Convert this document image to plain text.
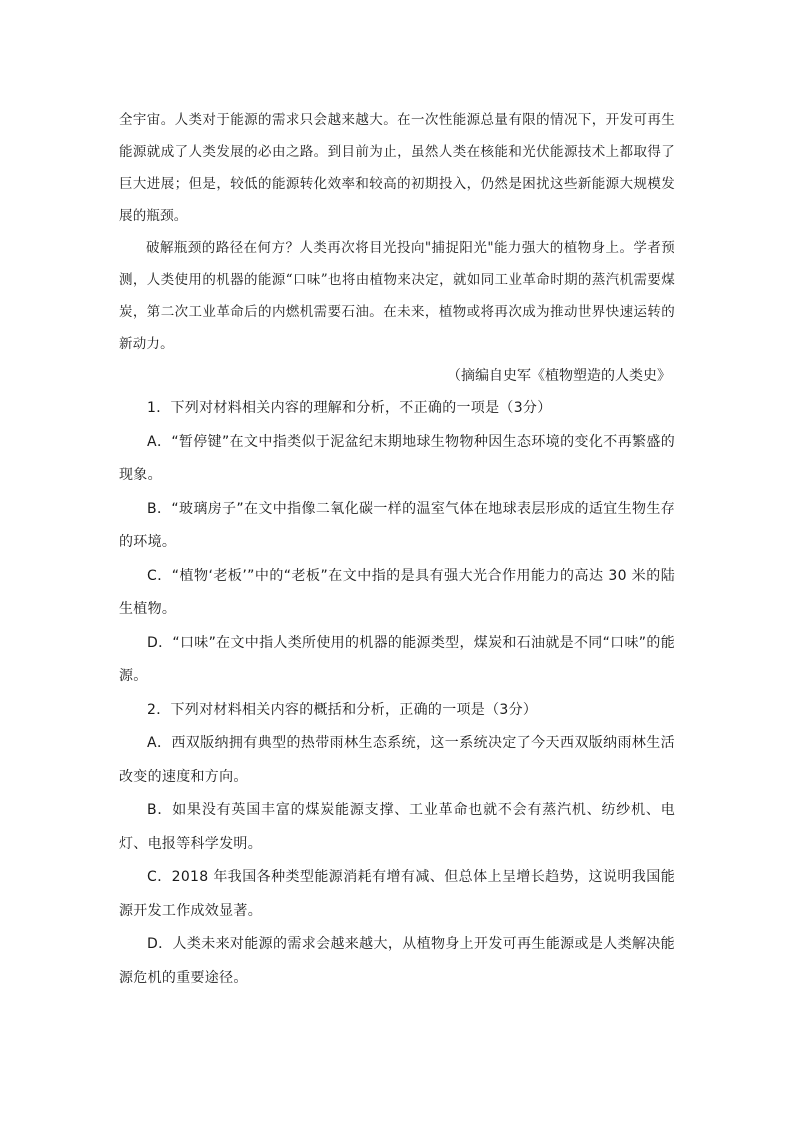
全宇宙。人类对于能源的需求只会越来越大。在一次性能源总量有限的情况下，开发可再生能源就成了人类发展的必由之路。到目前为止，虽然人类在核能和光伏能源技术上都取得了巨大进展；但是，较低的能源转化效率和较高的初期投入，仍然是困扰这些新能源大规模发展的瓶颈。

破解瓶颈的路径在何方？人类再次将目光投向"捕捉阳光"能力强大的植物身上。学者预测，人类使用的机器的能源“口味”也将由植物来决定，就如同工业革命时期的蒸汽机需要煤炭，第二次工业革命后的内燃机需要石油。在未来，植物或将再次成为推动世界快速运转的新动力。

（摘编自史军《植物塑造的人类史》

1．下列对材料相关内容的理解和分析，不正确的一项是（3分）

A．“暂停键”在文中指类似于泥盆纪末期地球生物物种因生态环境的变化不再繁盛的现象。

B．“玻璃房子”在文中指像二氧化碳一样的温室气体在地球表层形成的适宜生物生存的环境。

C．“植物‘老板’”中的“老板”在文中指的是具有强大光合作用能力的高达 30 米的陆生植物。

D．“口味”在文中指人类所使用的机器的能源类型，煤炭和石油就是不同“口味”的能源。

2．下列对材料相关内容的概括和分析，正确的一项是（3分）

A．西双版纳拥有典型的热带雨林生态系统，这一系统决定了今天西双版纳雨林生活改变的速度和方向。

B．如果没有英国丰富的煤炭能源支撑、工业革命也就不会有蒸汽机、纺纱机、电灯、电报等科学发明。

C．2018 年我国各种类型能源消耗有增有减、但总体上呈增长趋势，这说明我国能源开发工作成效显著。

D．人类未来对能源的需求会越来越大，从植物身上开发可再生能源或是人类解决能源危机的重要途径。
